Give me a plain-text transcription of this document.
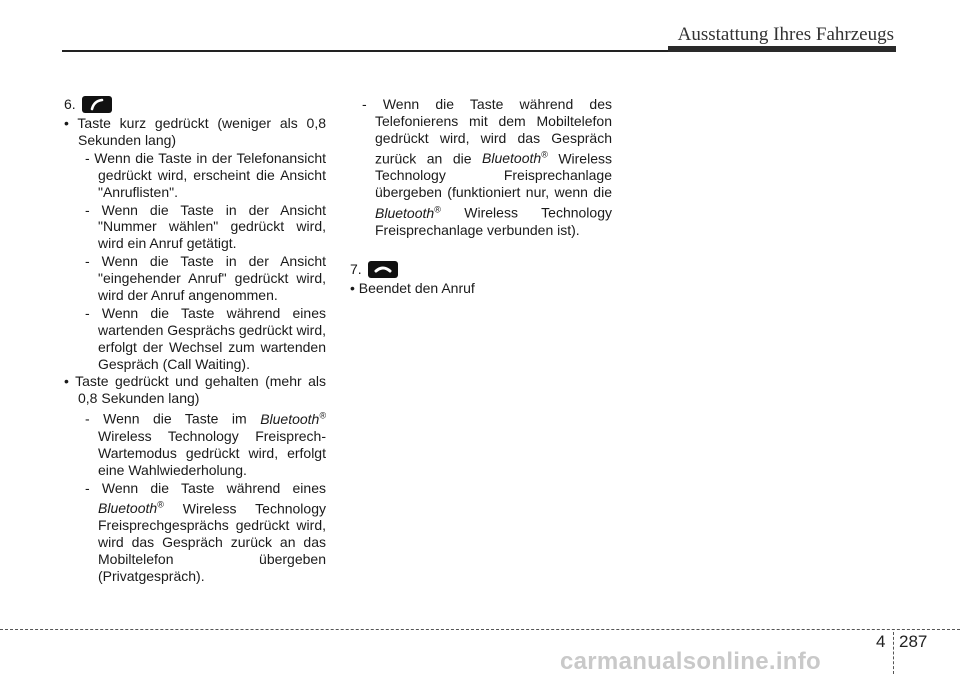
Ausstattung Ihres Fahrzeugs
6.

• Taste kurz gedrückt (weniger als 0,8 Sekunden lang)

- Wenn die Taste in der Telefonansicht gedrückt wird, erscheint die Ansicht "Anruflisten".

- Wenn die Taste in der Ansicht "Nummer wählen" gedrückt wird, wird ein Anruf getätigt.

- Wenn die Taste in der Ansicht "eingehender Anruf" gedrückt wird, wird der Anruf angenommen.

- Wenn die Taste während eines wartenden Gesprächs gedrückt wird, erfolgt der Wechsel zum wartenden Gespräch (Call Waiting).

• Taste gedrückt und gehalten (mehr als 0,8 Sekunden lang)

- Wenn die Taste im Bluetooth® Wireless Technology Freisprech-Wartemodus gedrückt wird, erfolgt eine Wahlwiederholung.

- Wenn die Taste während eines Bluetooth® Wireless Technology Freisprechgesprächs gedrückt wird, wird das Gespräch zurück an das Mobiltelefon übergeben (Privatgespräch).

- Wenn die Taste während des Telefonierens mit dem Mobiltelefon gedrückt wird, wird das Gespräch zurück an die Bluetooth® Wireless Technology Freisprechanlage übergeben (funktioniert nur, wenn die Bluetooth® Wireless Technology Freisprechanlage verbunden ist).

7.

• Beendet den Anruf

4 287
carmanualsonline.info
